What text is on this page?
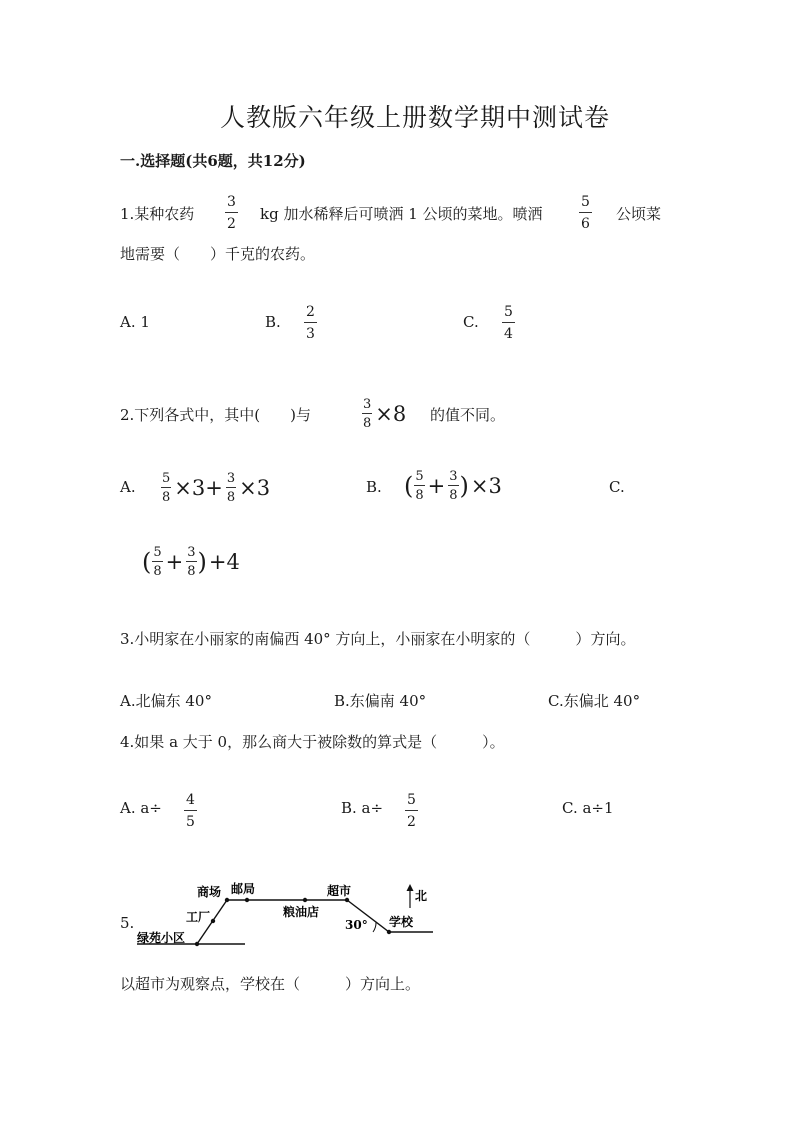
人教版六年级上册数学期中测试卷
一.选择题(共6题，共12分)
1.某种农药 $\frac{3}{2}$ kg 加水稀释后可喷洒 1 公顷的菜地。喷洒	$\frac{5}{6}$ 公顷菜
地需要（　　）千克的农药。
A. 1	B. $\frac{2}{3}$	C. $\frac{5}{4}$
2.下列各式中，其中(　　)与	$\frac{3}{8} \times 8$ 的值不同。
A. $\frac{5}{8} \times 3+ \frac{3}{8} \times 3$	B. ( $\frac{5}{8} + \frac{3}{8}$ ) ×3	C.
( $\frac{5}{8} + \frac{3}{8}$ ) +4
3.小明家在小丽家的南偏西 40° 方向上，小丽家在小明家的（　　　）方向。
A.北偏东 40°	B.东偏南 40°	C.东偏北 40°
4.如果 a 大于 0，那么商大于被除数的算式是（　　　）。
A. $a\div \frac{4}{5}$	B. $a\div \frac{5}{2}$	C. a÷1
5.
商场 邮局
工厂	粮油店
超市	北
30° 学校
绿苑小区
以超市为观察点，学校在（　　　）方向上。
